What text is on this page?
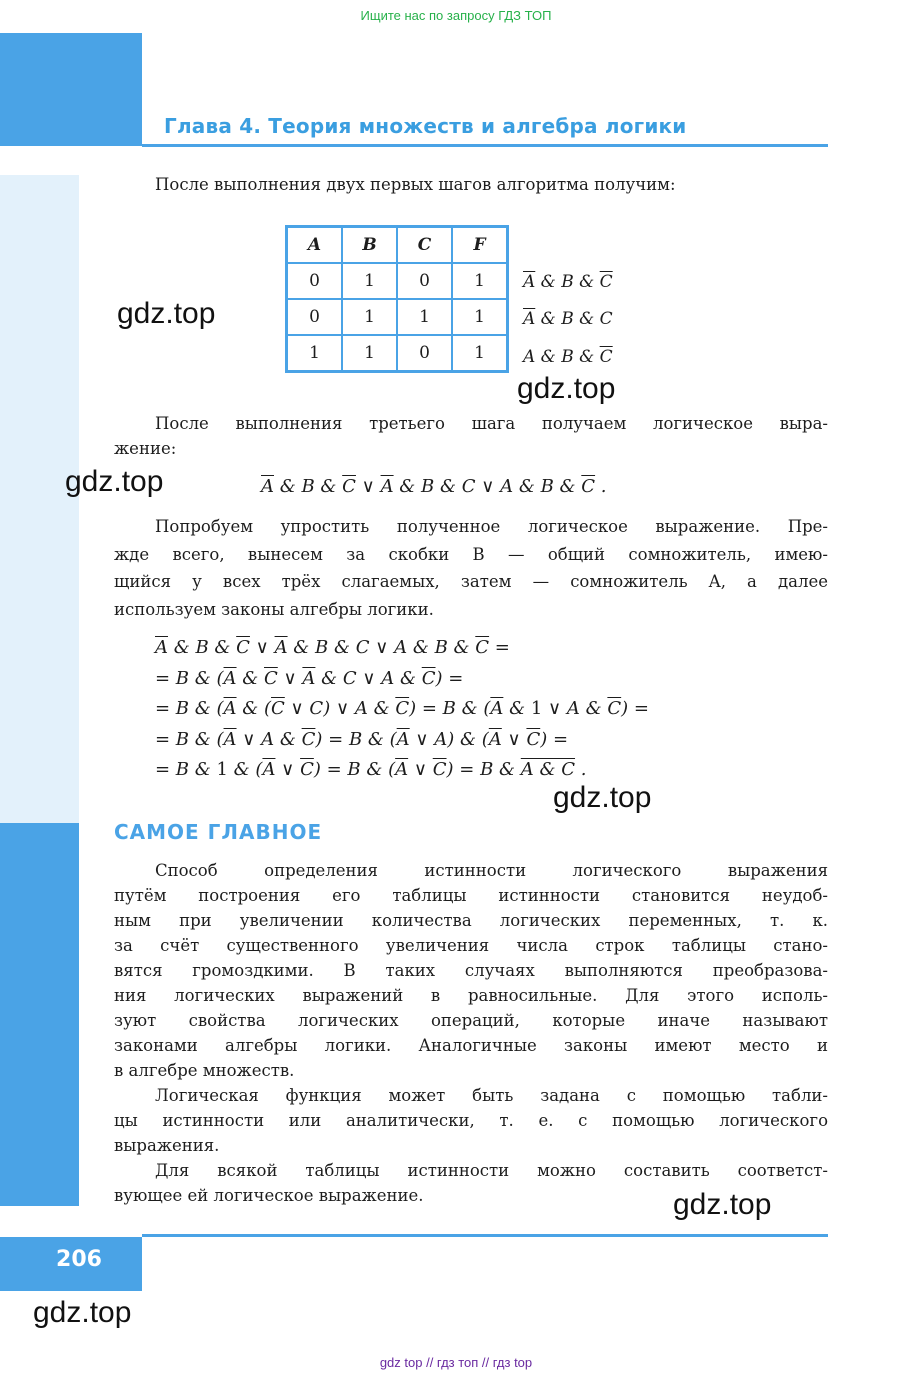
Ищите нас по запросу ГДЗ ТОП
Глава 4. Теория множеств и алгебра логики
После выполнения двух первых шагов алгоритма получим:
A	B	C	F
0	1	0	1
0	1	1	1
1	1	0	1
$\overline{A}$ & B & $\overline{C}$
$\overline{A}$ & B & C
A & B & $\overline{C}$
После выполнения третьего шага получаем логическое выра-
жение:
$\overline{A}$ & B & $\overline{C}$ ∨ $\overline{A}$ & B & C ∨ A & B & $\overline{C}$ .
Попробуем упростить полученное логическое выражение. Пре-
жде всего, вынесем за скобки B — общий сомножитель, имею-
щийся у всех трёх слагаемых, затем — сомножитель A, а далее
используем законы алгебры логики.
$\overline{A}$ & B & $\overline{C}$ ∨ $\overline{A}$ & B & C ∨ A & B & $\overline{C}$ =
= B & ($\overline{A}$ & $\overline{C}$ ∨ $\overline{A}$ & C ∨ A & $\overline{C}$) =
= B & ($\overline{A}$ & ($\overline{C}$ ∨ C) ∨ A & $\overline{C}) = B$ & ($\overline{A}$ & 1 ∨ A & $\overline{C}$) =
= B & ($\overline{A}$ ∨ A & $\overline{C}) = B$ & ($\overline{A}$ ∨ A) & ($\overline{A}$ ∨ $\overline{C}$) =
= B & 1 & ($\overline{A}$ ∨ $\overline{C}) = B$ & ($\overline{A}$ ∨ $\overline{C}) = B$ & A & C .
САМОЕ ГЛАВНОЕ
Способ определения истинности логического выражения
путём построения его таблицы истинности становится неудоб-
ным при увеличении количества логических переменных, т. к.
за счёт существенного увеличения числа строк таблицы стано-
вятся громоздкими. В таких случаях выполняются преобразова-
ния логических выражений в равносильные. Для этого исполь-
зуют свойства логических операций, которые иначе называют
законами алгебры логики. Аналогичные законы имеют место и
в алгебре множеств.
Логическая функция может быть задана с помощью табли-
цы истинности или аналитически, т. е. с помощью логического
выражения.
Для всякой таблицы истинности можно составить соответст-
вующее ей логическое выражение.
206
gdz.top
gdz.top
gdz.top
gdz.top
gdz.top
gdz.top
gdz top // гдз топ // гдз top
